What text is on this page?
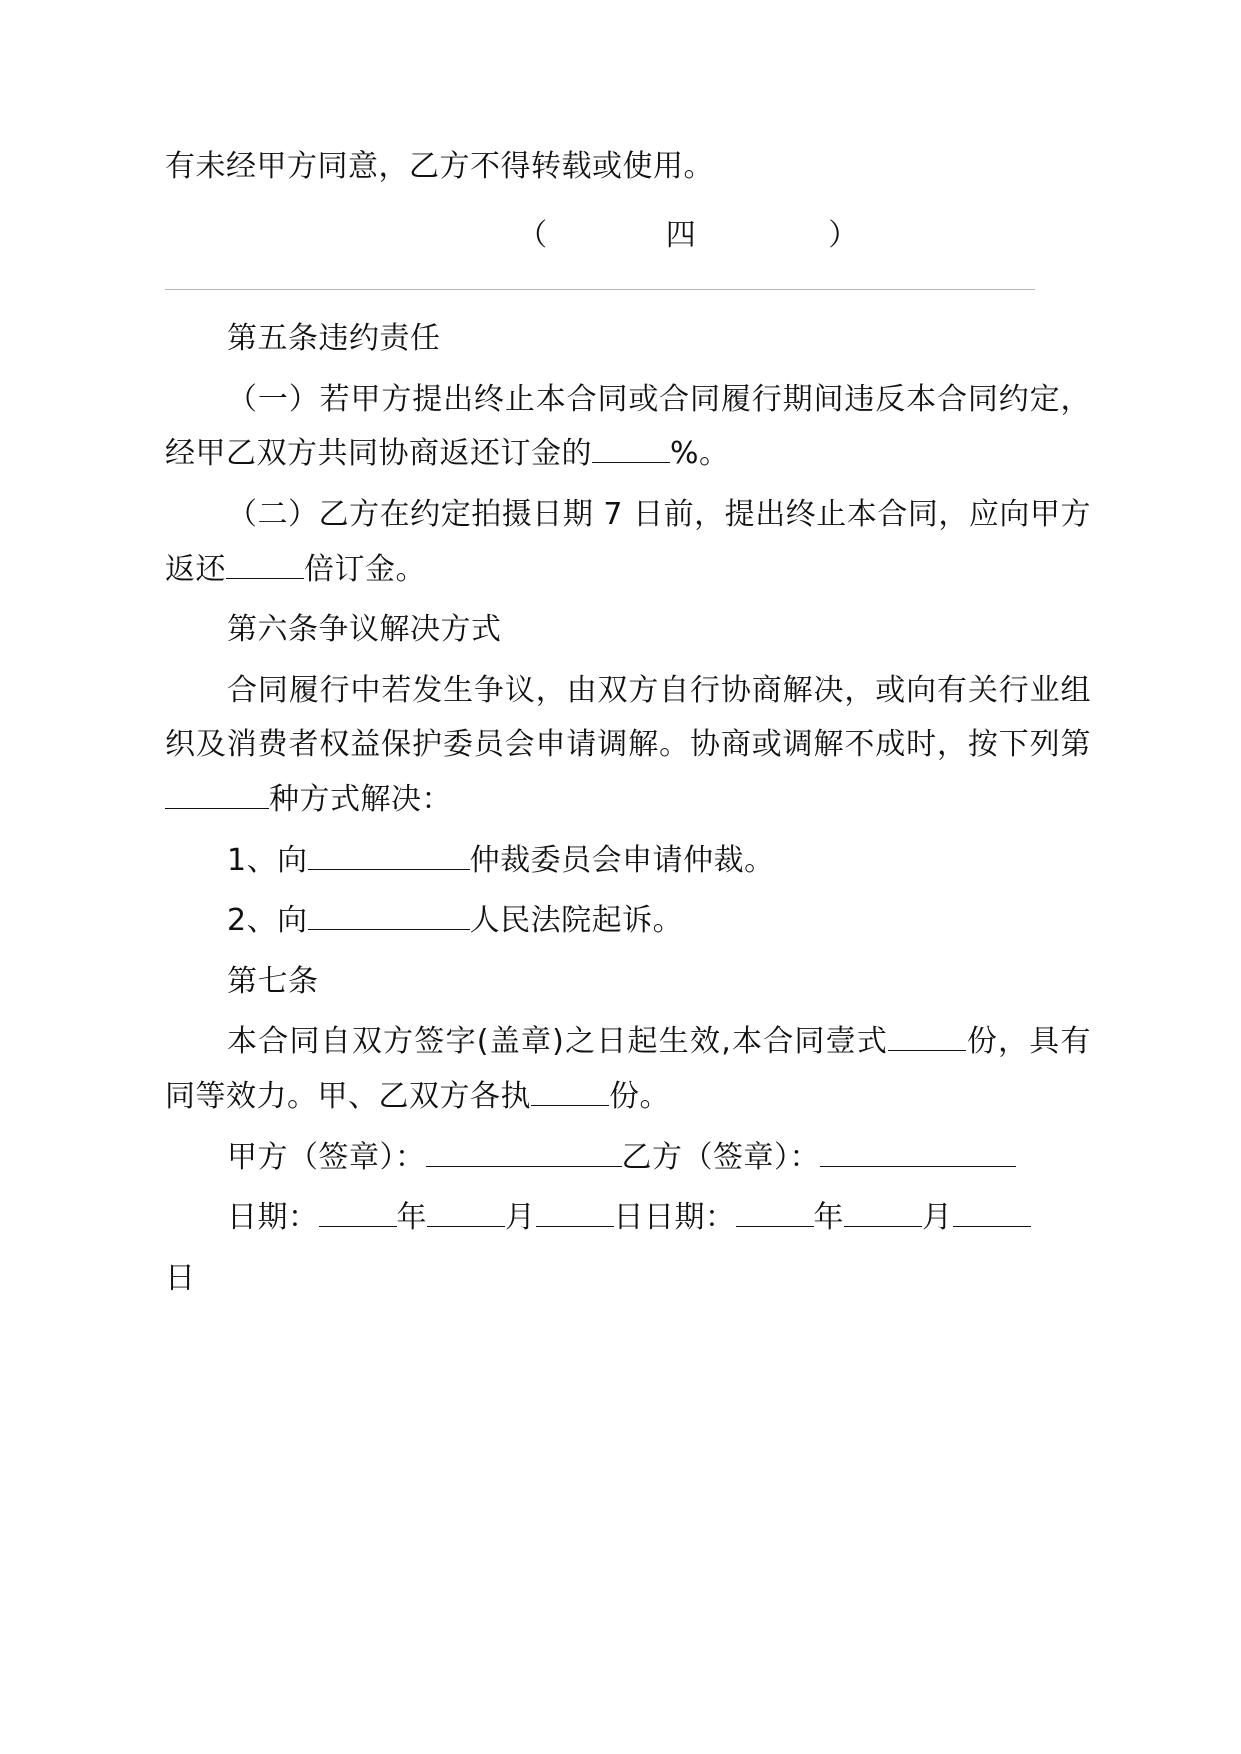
有未经甲方同意，乙方不得转载或使用。

（	四	）

第五条违约责任

（一）若甲方提出终止本合同或合同履行期间违反本合同约定，经甲乙双方共同协商返还订金的	%。

（二）乙方在约定拍摄日期 7 日前，提出终止本合同，应向甲方返还	倍订金。

第六条争议解决方式

合同履行中若发生争议，由双方自行协商解决，或向有关行业组织及消费者权益保护委员会申请调解。协商或调解不成时，按下列第种方式解决：

1、向	仲裁委员会申请仲裁。

2、向	人民法院起诉。

第七条

本合同自双方签字(盖章)之日起生效,本合同壹式	份，具有同等效力。甲、乙双方各执	份。

甲方（签章）：	乙方（签章）：

日期：	年	月	日日期：	年	月

日
